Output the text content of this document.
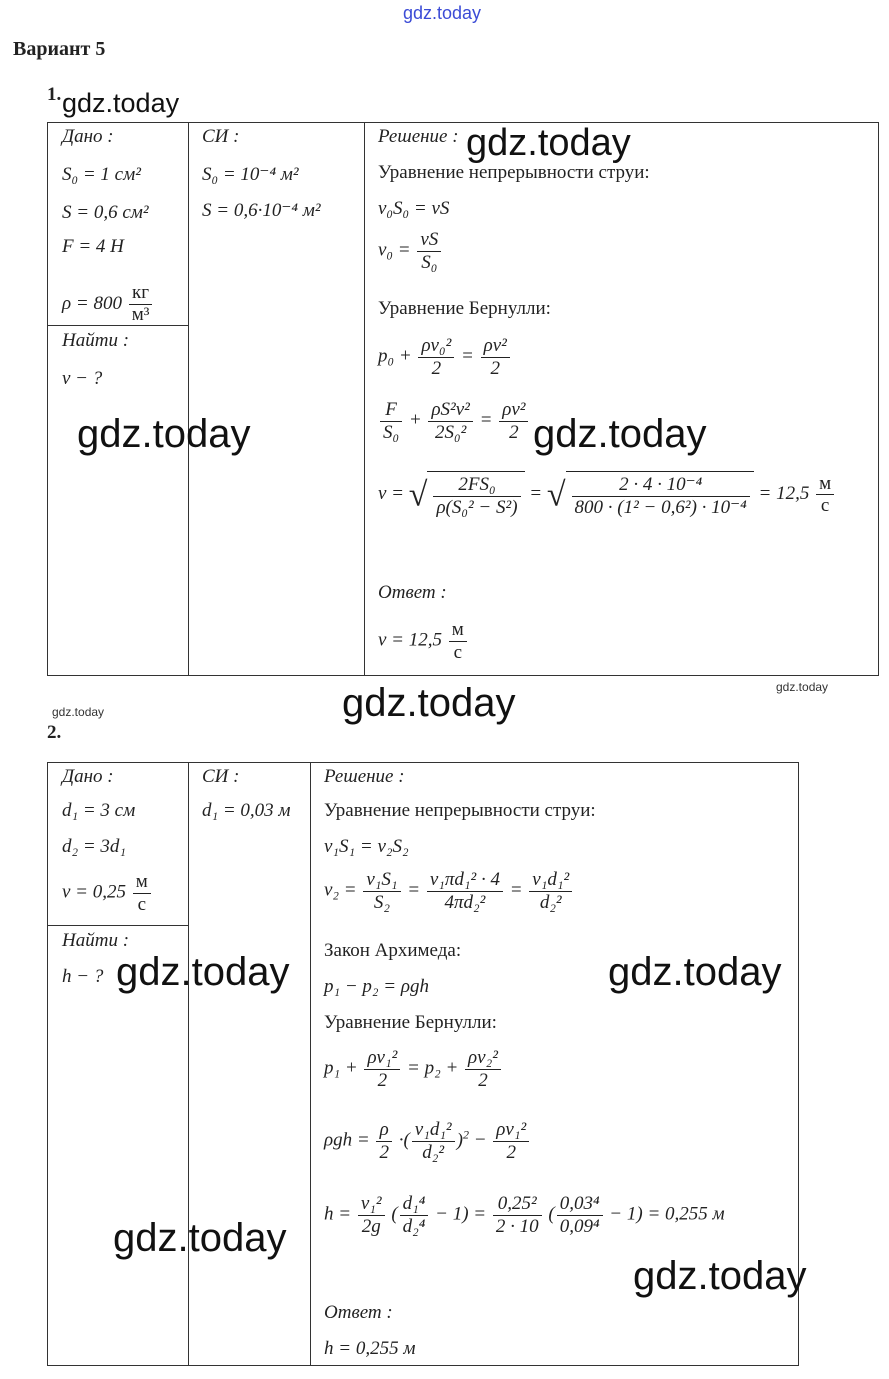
gdz.today
Вариант 5
1. gdz.today
Дано :
S₀ = 1 см²
S = 0,6 см²
F = 4 Н
ρ = 800
кг
м³
Найти :
v − ?
СИ :
S₀ = 10⁻⁴ м²
S = 0,6·10⁻⁴ м²
Решение :
Уравнение непрерывности струи:
v₀S₀ = vS
$v_0 = \frac{vS}{\text{S₀}}$
Уравнение Бернулли:
$p_0 + \frac{\text{ρv₀²}}{2} = \frac{\text{ρv²}}{2}$
$\frac{F}{\text{S₀}} + \frac{\text{ρS²v²}}{\text{2S₀²}} = \frac{\text{ρv²}}{2}$
v = √ $\frac{\text{2FS₀}}{\text{ρ(S₀² − S²)}}$ = √ $\frac{\text{2 · 4 · 10⁻⁴}}{\text{800 · (1² − 0,6²) · 10⁻⁴}} = 12,5$
м
с
Ответ :
v = 12,5
м
с
gdz.today
gdz.today	gdz.today
gdz.today
gdz.today
gdz.today
2.
Дано :
d₁ = 3 см
d₂ = 3d₁
v = 0,25
м
с
Найти :
h − ?
СИ :
d₁ = 0,03 м
Решение :
Уравнение непрерывности струи:
v₁S₁ = v₂S₂
$v_2 = \frac{\text{v₁S₁}}{\text{S₂}} = \frac{\text{v₁πd₁² · 4}}{\text{4πd₂²}} = \frac{\text{v₁d₁²}}{\text{d₂²}}$
Закон Архимеда:
p₁ − p₂ = ρgh
Уравнение Бернулли:
$p_1 + \frac{\text{ρv₁²}}{2} = p_2 + \frac{\text{ρv₂²}}{2}$
$\rho gh = \frac{\rho}{2}$ ·( $\frac{\text{v₁d₁²}}{\text{d₂²}} )^2 - \frac{\text{ρv₁²}}{2}$
$h = \frac{\text{v₁²}}{2g}$ ( $\frac{\text{d₁⁴}}{\text{d₂⁴}} - 1) = \frac{\text{0,25²}}{2 \cdot 10}$ ( $\frac{\text{0,03⁴}}{\text{0,09⁴}} - 1) = 0,255$ м
Ответ :
h = 0,255 м
gdz.today	gdz.today
gdz.today
gdz.today
